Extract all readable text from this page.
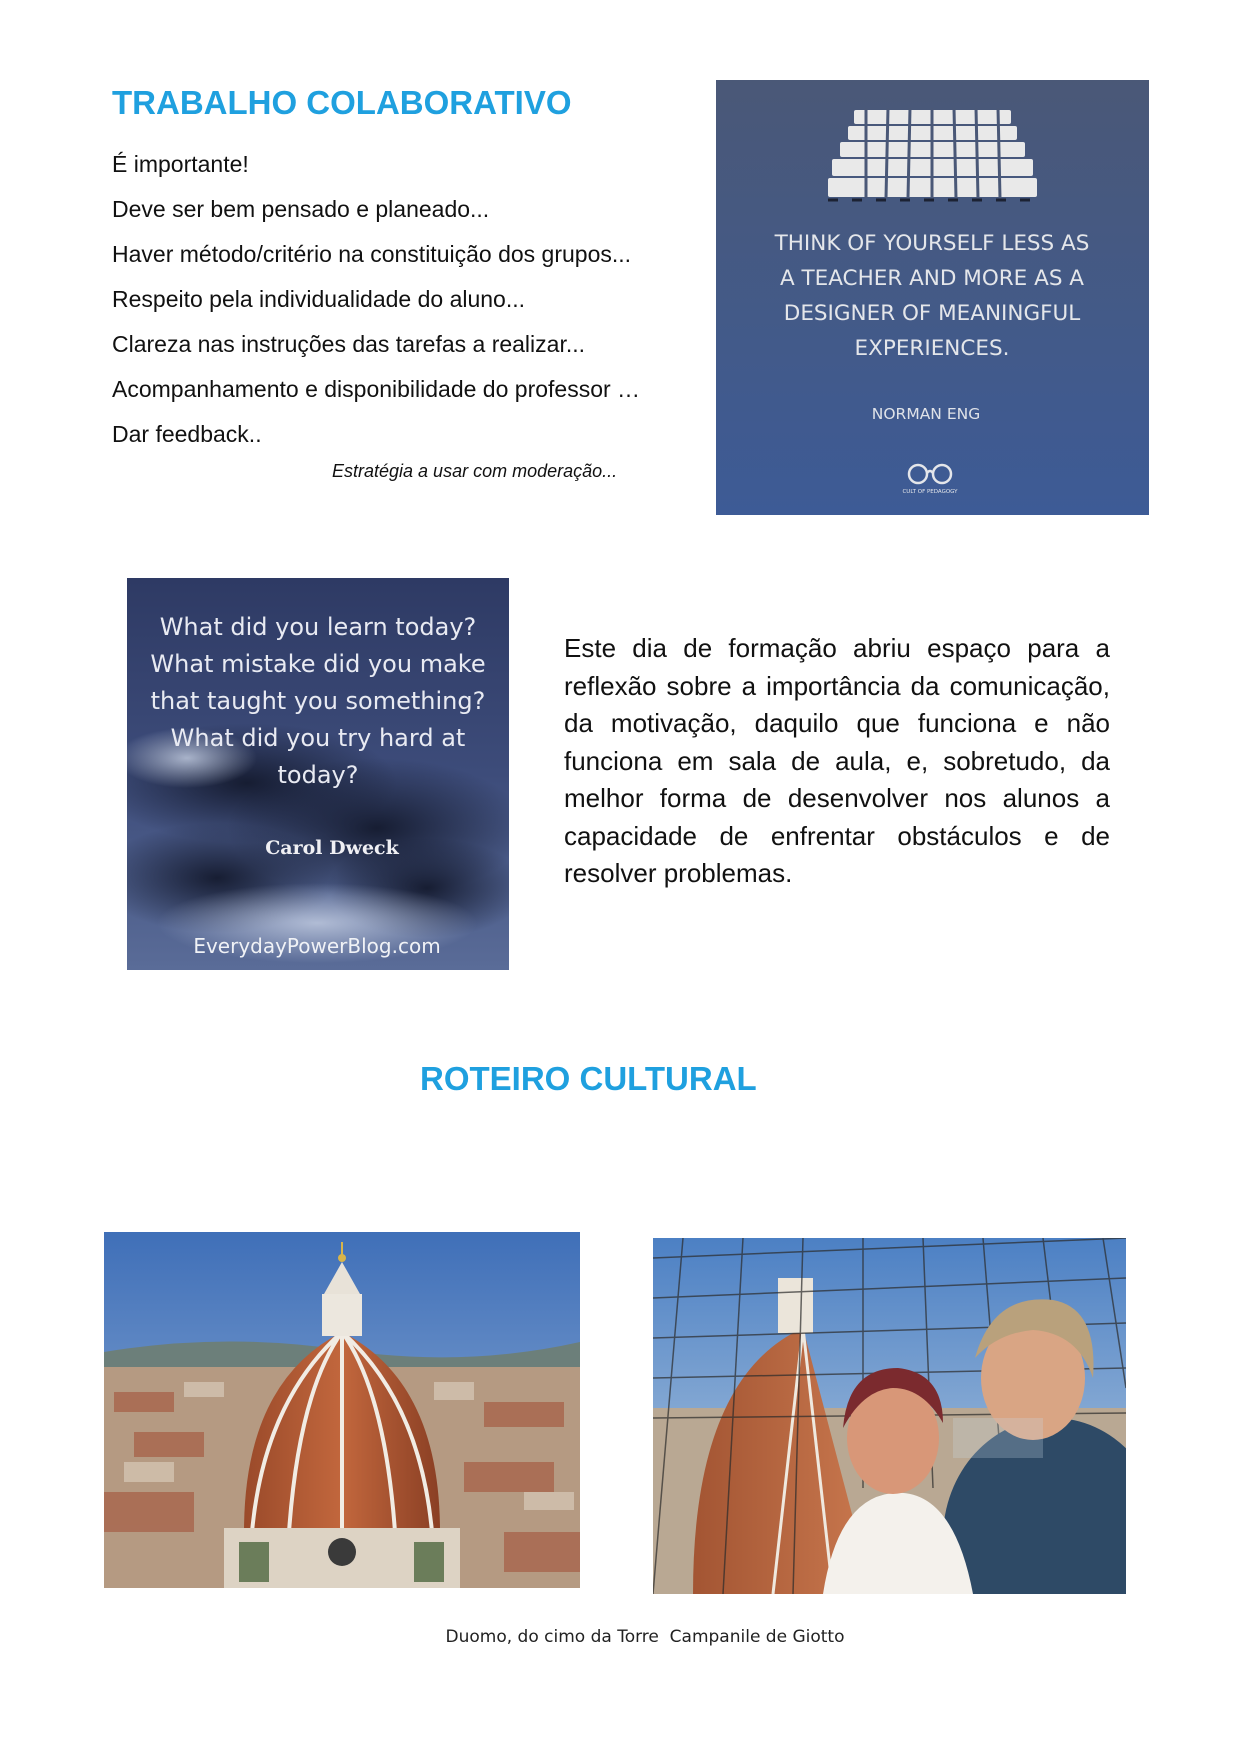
TRABALHO COLABORATIVO
É importante!
Deve ser bem pensado e planeado...
Haver método/critério na constituição dos grupos...
Respeito pela individualidade do aluno...
Clareza nas instruções das tarefas a realizar...
Acompanhamento e disponibilidade do professor …
Dar feedback..
Estratégia a usar com moderação...
THINK OF YOURSELF LESS AS
A TEACHER AND MORE AS A
DESIGNER OF MEANINGFUL
EXPERIENCES.
NORMAN ENG
CULT OF PEDAGOGY
What did you learn today?
What mistake did you make
that taught you something?
What did you try hard at
today?
Carol Dweck
EverydayPowerBlog.com

Este dia de formação abriu espaço para a reflexão sobre a importância da comunicação, da motivação, daquilo que funciona e não funciona em sala de aula, e, sobretudo, da melhor forma de desenvolver nos alunos a capacidade de enfrentar obstáculos e de resolver problemas.

ROTEIRO CULTURAL
Duomo, do cimo da Torre  Campanile de Giotto
